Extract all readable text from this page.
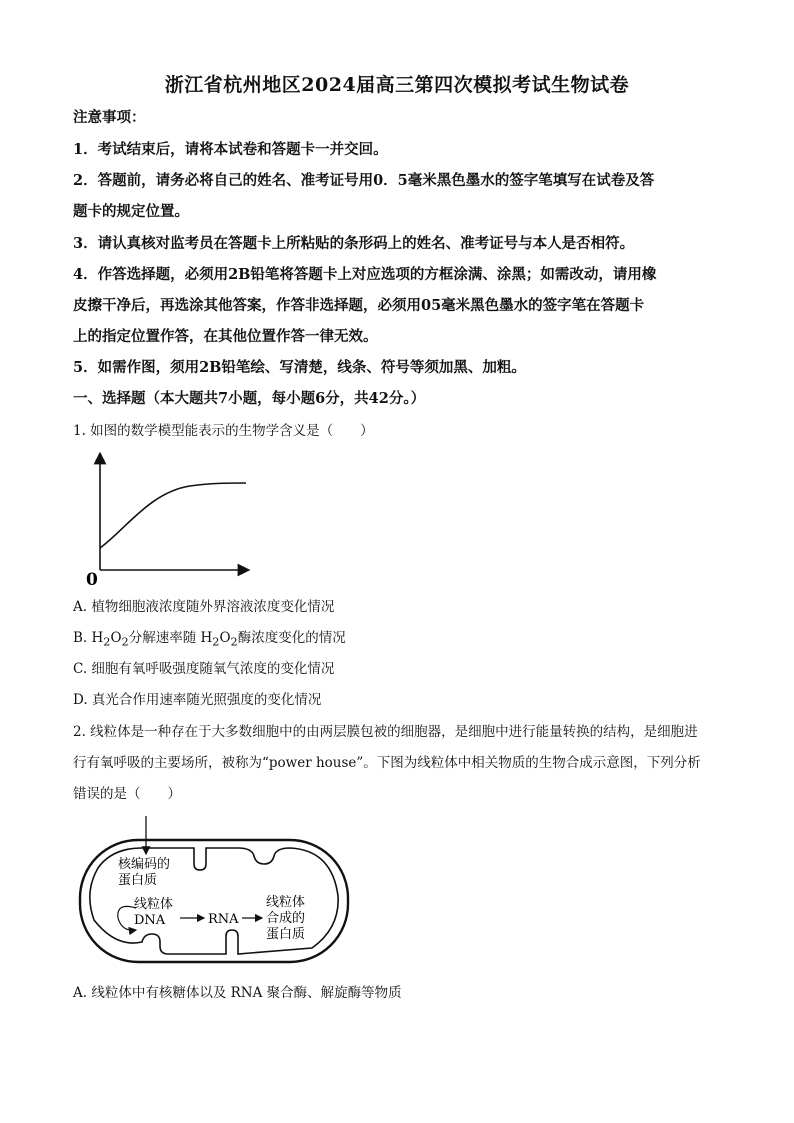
浙江省杭州地区2024届高三第四次模拟考试生物试卷
注意事项：
1．考试结束后，请将本试卷和答题卡一并交回。
2．答题前，请务必将自己的姓名、准考证号用0．5毫米黑色墨水的签字笔填写在试卷及答
题卡的规定位置。
3．请认真核对监考员在答题卡上所粘贴的条形码上的姓名、准考证号与本人是否相符。
4．作答选择题，必须用2B铅笔将答题卡上对应选项的方框涂满、涂黑；如需改动，请用橡
皮擦干净后，再选涂其他答案，作答非选择题，必须用05毫米黑色墨水的签字笔在答题卡
上的指定位置作答，在其他位置作答一律无效。
5．如需作图，须用2B铅笔绘、写清楚，线条、符号等须加黑、加粗。
一、选择题（本大题共7小题，每小题6分，共42分。）
1. 如图的数学模型能表示的生物学含义是（　　）
0
A. 植物细胞液浓度随外界溶液浓度变化情况
B. $H_2O_2$分解速率随 $H_2O_2$酶浓度变化的情况
C. 细胞有氧呼吸强度随氧气浓度的变化情况
D. 真光合作用速率随光照强度的变化情况
2. 线粒体是一种存在于大多数细胞中的由两层膜包被的细胞器，是细胞中进行能量转换的结构，是细胞进
行有氧呼吸的主要场所，被称为“power house”。下图为线粒体中相关物质的生物合成示意图，下列分析
错误的是（　　）
核编码的
蛋白质
线粒体
DNA	RNA
线粒体
合成的
蛋白质
A. 线粒体中有核糖体以及 RNA 聚合酶、解旋酶等物质
